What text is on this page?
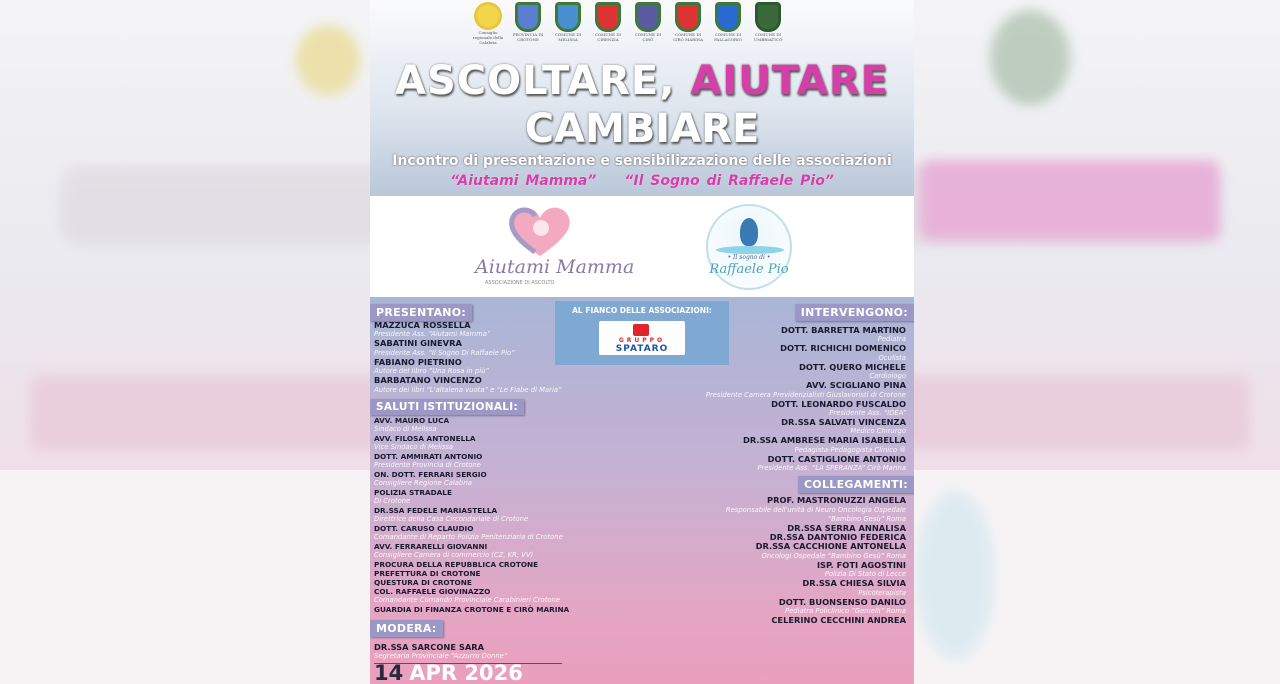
Consiglio regionale della Calabria
PROVINCIA DI CROTONE
COMUNE DI MELISSA
COMUNE DI CIRENZIA
COMUNE DI CIRÒ
COMUNE DI CIRÒ MARINA
COMUNE DI PALLAGORIO
COMUNE DI UMBRIATICO
ASCOLTARE, AIUTARE
CAMBIARE
Incontro di presentazione e sensibilizzazione delle associazioni
“Aiutami Mamma” “Il Sogno di Raffaele Pio”
Aiutami Mamma
ASSOCIAZIONE DI ASCOLTO
• Il sogno di •
Raffaele Pio
PRESENTANO:
MAZZUCA ROSSELLA
Presidente Ass. “Aiutami Mamma”
SABATINI GINEVRA
Presidente Ass. “Il Sogno Di Raffaele Pio”
FABIANO PIETRINO
Autore del libro “Una Rosa in più”
BARBATANO VINCENZO
Autore dei libri “L'altalena vuota” e “Le Fiabe di Maria”
SALUTI ISTITUZIONALI:
AVV. MAURO LUCA
Sindaco di Melissa
AVV. FILOSA ANTONELLA
Vice Sindaco di Melissa
DOTT. AMMIRATI ANTONIO
Presidente Provincia di Crotone
ON. DOTT. FERRARI SERGIO
Consigliere Regione Calabria
POLIZIA STRADALE
Di Crotone
DR.SSA FEDELE MARIASTELLA
Direttrice della Casa Circondariale di Crotone
DOTT. CARUSO CLAUDIO
Comandante di Reparto Polizia Penitenziaria di Crotone
AVV. FERRARELLI GIOVANNI
Consigliere Camera di commercio (CZ, KR, VV)
PROCURA DELLA REPUBBLICA CROTONE
PREFETTURA DI CROTONE
QUESTURA DI CROTONE
COL. RAFFAELE GIOVINAZZO
Comandante Comando Provinciale Carabinieri Crotone
GUARDIA DI FINANZA CROTONE E CIRÒ MARINA
MODERA:
DR.SSA SARCONE SARA
Segretaria Provinciale “Azzurro Donne”
AL FIANCO DELLE ASSOCIAZIONI:
GRUPPO
SPATARO
INTERVENGONO:
DOTT. BARRETTA MARTINO
Pediatra
DOTT. RICHICHI DOMENICO
Oculista
DOTT. QUERO MICHELE
Cardiologo
AVV. SCIGLIANO PINA
Presidente Camera Previdenzialisti Giuslavoristi di Crotone
DOTT. LEONARDO FUSCALDO
Presidente Ass. “IDEA”
DR.SSA SALVATI VINCENZA
Medico Chirurgo
DR.SSA AMBRESE MARIA ISABELLA
Pedagista-Pedagogista Clinico ®
DOTT. CASTIGLIONE ANTONIO
Presidente Ass. “LA SPERANZA” Cirò Marina
COLLEGAMENTI:
PROF. MASTRONUZZI ANGELA
Responsabile dell'unità di Neuro Oncologia Ospedale “Bambino Gesù” Roma
DR.SSA SERRA ANNALISA
DR.SSA DANTONIO FEDERICA
DR.SSA CACCHIONE ANTONELLA
Oncologi Ospedale “Bambino Gesù” Roma
ISP. FOTI AGOSTINI
Polizia Di Stato di Lecce
DR.SSA CHIESA SILVIA
Psicoterapista
DOTT. BUONSENSO DANILO
Pediatra Policlinico “Gemelli” Roma
CELERINO CECCHINI ANDREA
14 APR 2026
